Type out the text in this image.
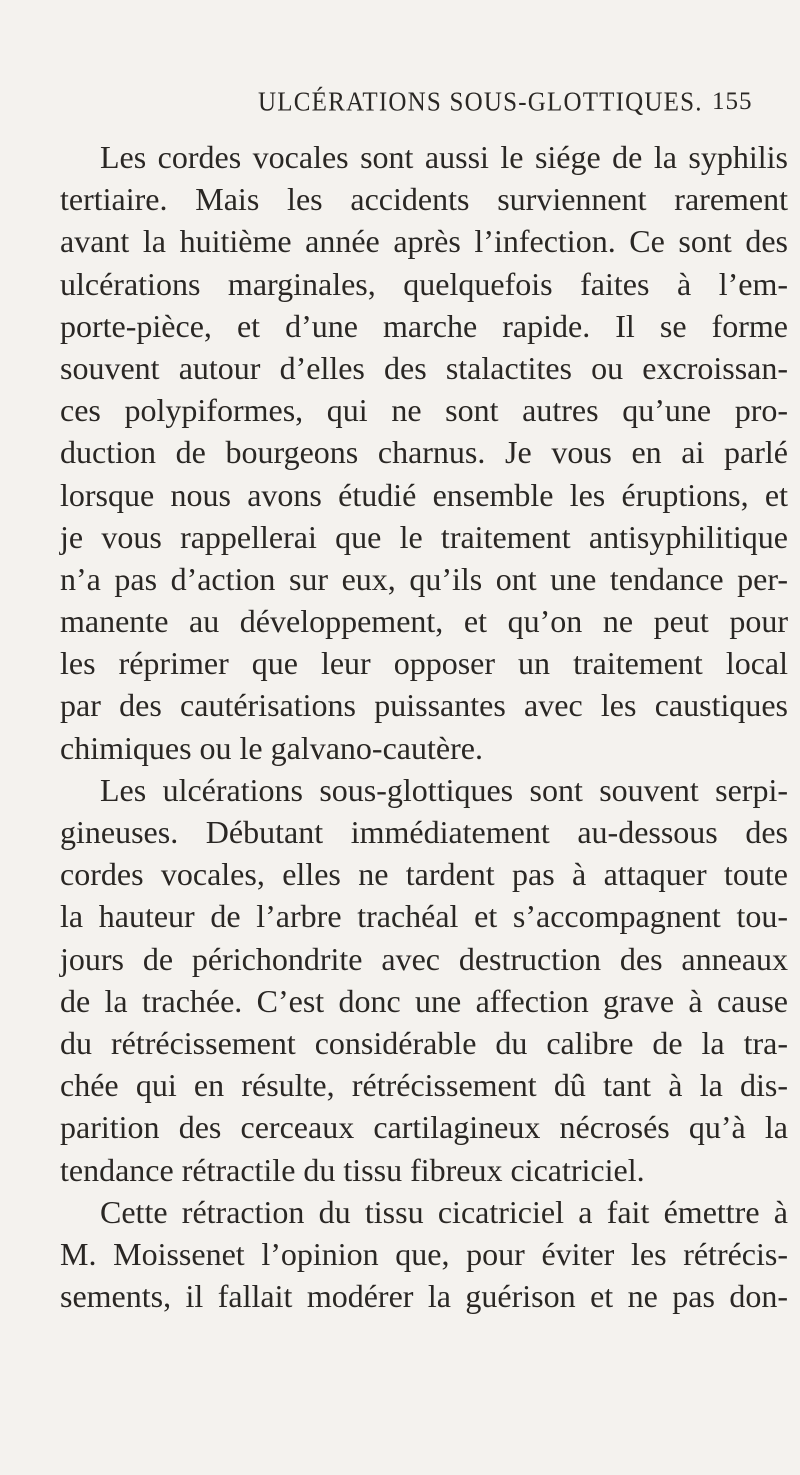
ULCÉRATIONS SOUS-GLOTTIQUES. 155
Les cordes vocales sont aussi le siége de la syphilis
tertiaire. Mais les accidents surviennent rarement
avant la huitième année après l’infection. Ce sont des
ulcérations marginales, quelquefois faites à l’em-
porte-pièce, et d’une marche rapide. Il se forme
souvent autour d’elles des stalactites ou excroissan-
ces polypiformes, qui ne sont autres qu’une pro-
duction de bourgeons charnus. Je vous en ai parlé
lorsque nous avons étudié ensemble les éruptions, et
je vous rappellerai que le traitement antisyphilitique
n’a pas d’action sur eux, qu’ils ont une tendance per-
manente au développement, et qu’on ne peut pour
les réprimer que leur opposer un traitement local
par des cautérisations puissantes avec les caustiques
chimiques ou le galvano-cautère.
Les ulcérations sous-glottiques sont souvent serpi-
gineuses. Débutant immédiatement au-dessous des
cordes vocales, elles ne tardent pas à attaquer toute
la hauteur de l’arbre trachéal et s’accompagnent tou-
jours de périchondrite avec destruction des anneaux
de la trachée. C’est donc une affection grave à cause
du rétrécissement considérable du calibre de la tra-
chée qui en résulte, rétrécissement dû tant à la dis-
parition des cerceaux cartilagineux nécrosés qu’à la
tendance rétractile du tissu fibreux cicatriciel.
Cette rétraction du tissu cicatriciel a fait émettre à
M. Moissenet l’opinion que, pour éviter les rétrécis-
sements, il fallait modérer la guérison et ne pas don-
